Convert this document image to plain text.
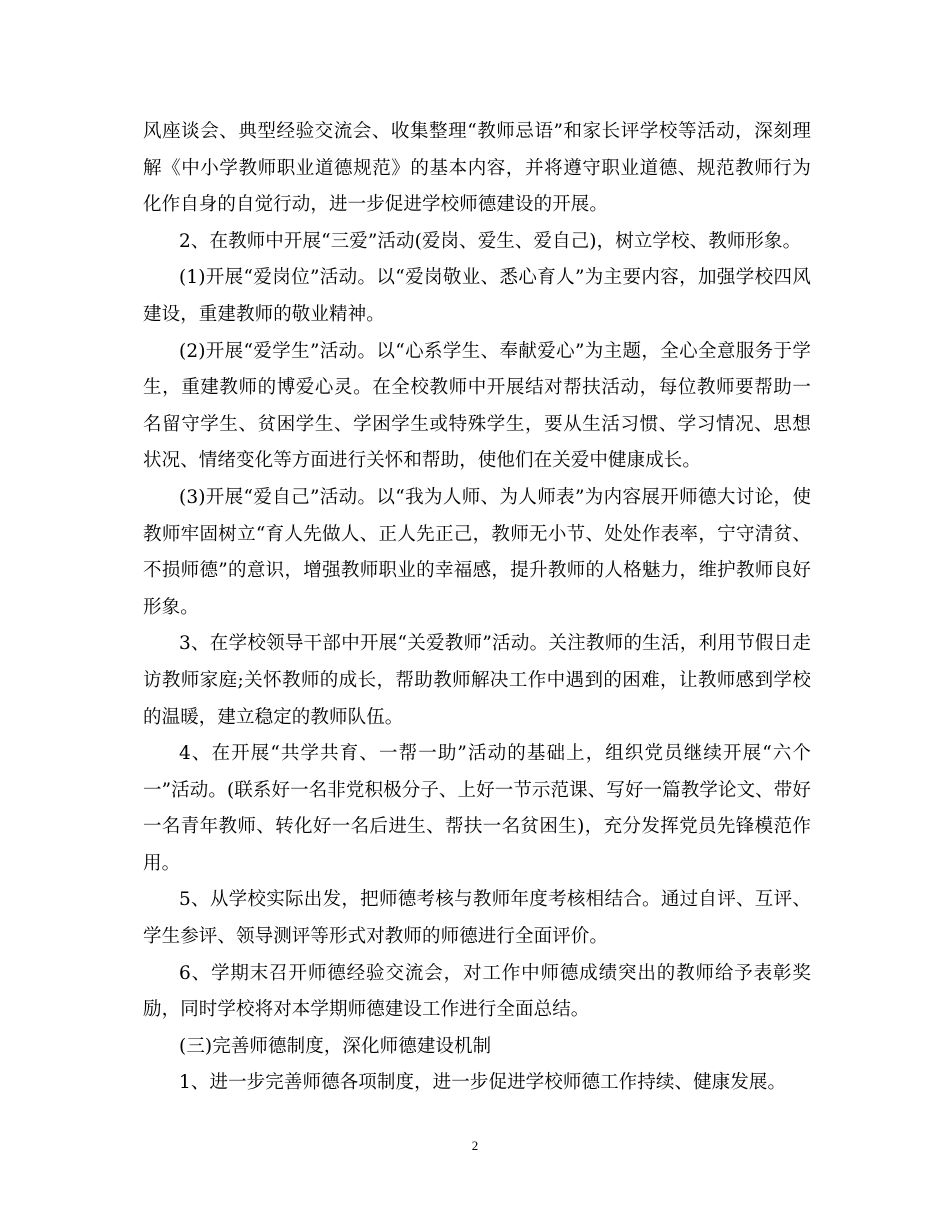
风座谈会、典型经验交流会、收集整理“教师忌语”和家长评学校等活动，深刻理解《中小学教师职业道德规范》的基本内容，并将遵守职业道德、规范教师行为化作自身的自觉行动，进一步促进学校师德建设的开展。

2、在教师中开展“三爱”活动(爱岗、爱生、爱自己)，树立学校、教师形象。

(1)开展“爱岗位”活动。以“爱岗敬业、悉心育人”为主要内容，加强学校四风建设，重建教师的敬业精神。

(2)开展“爱学生”活动。以“心系学生、奉献爱心”为主题，全心全意服务于学生，重建教师的博爱心灵。在全校教师中开展结对帮扶活动，每位教师要帮助一名留守学生、贫困学生、学困学生或特殊学生，要从生活习惯、学习情况、思想状况、情绪变化等方面进行关怀和帮助，使他们在关爱中健康成长。

(3)开展“爱自己”活动。以“我为人师、为人师表”为内容展开师德大讨论，使教师牢固树立“育人先做人、正人先正己，教师无小节、处处作表率，宁守清贫、不损师德”的意识，增强教师职业的幸福感，提升教师的人格魅力，维护教师良好形象。

3、在学校领导干部中开展“关爱教师”活动。关注教师的生活，利用节假日走访教师家庭;关怀教师的成长，帮助教师解决工作中遇到的困难，让教师感到学校的温暖，建立稳定的教师队伍。

4、在开展“共学共育、一帮一助”活动的基础上，组织党员继续开展“六个一”活动。(联系好一名非党积极分子、上好一节示范课、写好一篇教学论文、带好一名青年教师、转化好一名后进生、帮扶一名贫困生)，充分发挥党员先锋模范作用。

5、从学校实际出发，把师德考核与教师年度考核相结合。通过自评、互评、学生参评、领导测评等形式对教师的师德进行全面评价。

6、学期末召开师德经验交流会，对工作中师德成绩突出的教师给予表彰奖励，同时学校将对本学期师德建设工作进行全面总结。

(三)完善师德制度，深化师德建设机制

1、进一步完善师德各项制度，进一步促进学校师德工作持续、健康发展。

2
